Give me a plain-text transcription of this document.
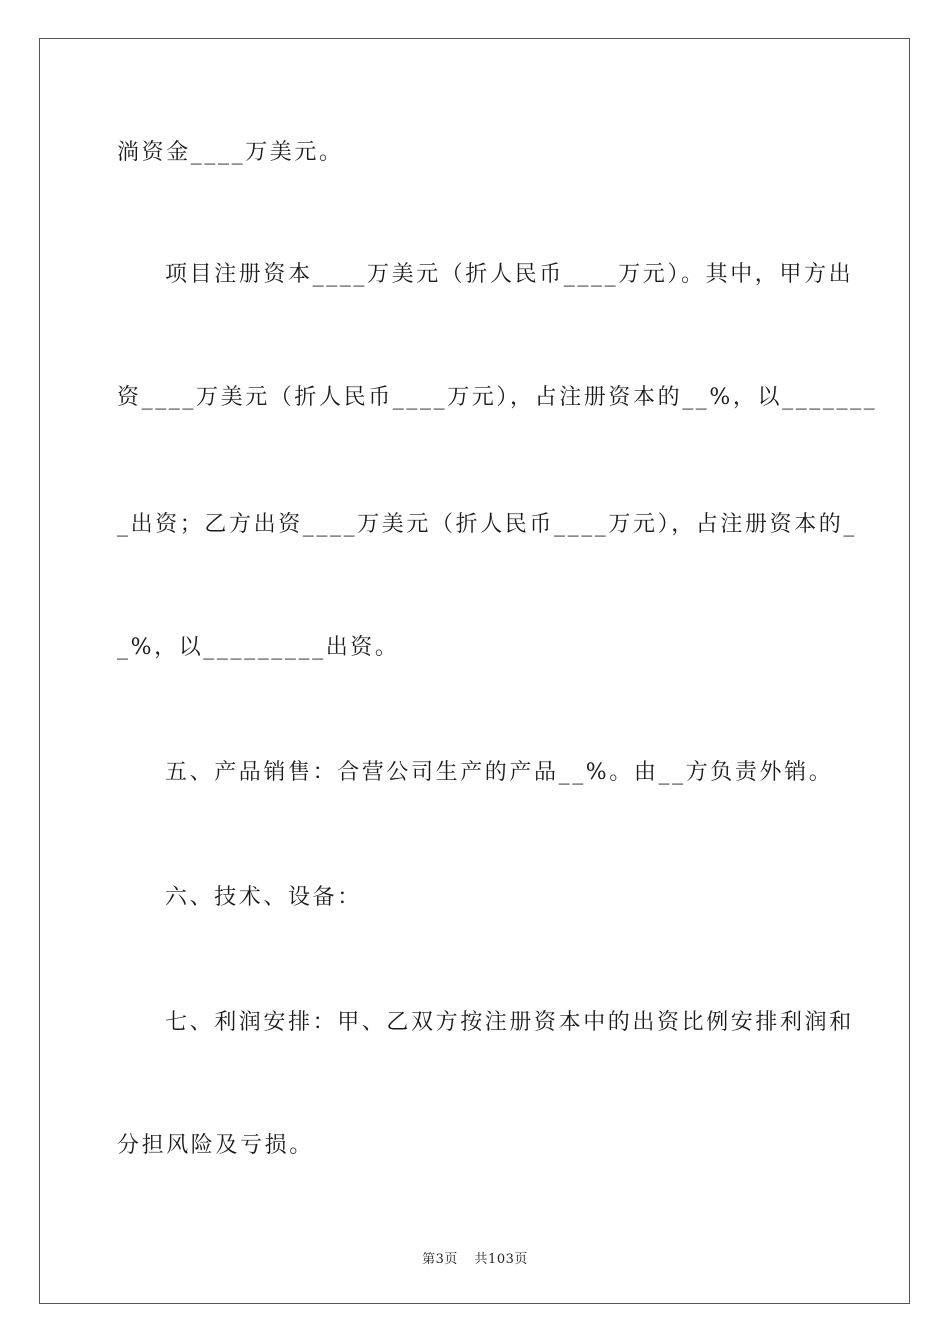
淌资金____万美元。
项目注册资本____万美元（折人民币____万元）。其中，甲方出
资____万美元（折人民币____万元），占注册资本的__%，以_______
_出资；乙方出资____万美元（折人民币____万元），占注册资本的_
_%，以_________出资。
五、产品销售：合营公司生产的产品__%。由__方负责外销。
六、技术、设备：
七、利润安排：甲、乙双方按注册资本中的出资比例安排利润和
分担风险及亏损。
第3页 共103页
